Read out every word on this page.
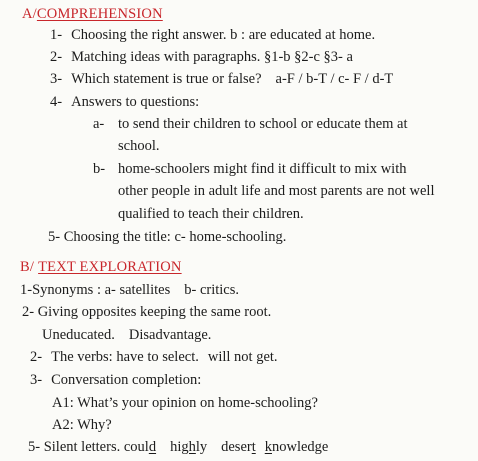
A/COMPREHENSION
1- Choosing the right answer. b : are educated at home.
2- Matching ideas with paragraphs. §1-b §2-c §3- a
3- Which statement is true or false? a-F / b-T / c- F / d-T
4- Answers to questions:
a- to send their children to school or educate them at
school.
b- home-schoolers might find it difficult to mix with
other people in adult life and most parents are not well
qualified to teach their children.
5- Choosing the title: c- home-schooling.
B/ TEXT EXPLORATION
1-Synonyms : a- satellites b- critics.
2- Giving opposites keeping the same root.
Uneducated. Disadvantage.
2- The verbs: have to select. will not get.
3- Conversation completion:
A1: What’s your opinion on home-schooling?
A2: Why?
5- Silent letters. could highly desert knowledge
